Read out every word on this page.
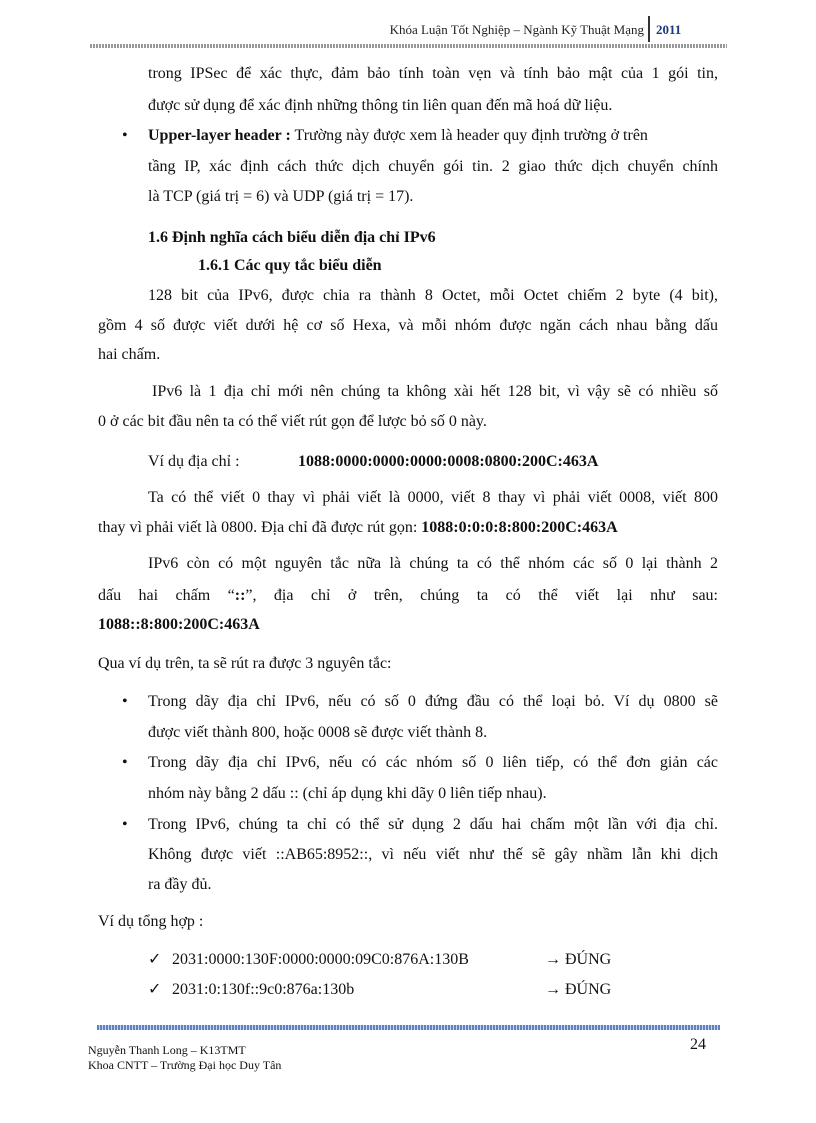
Khóa Luận Tốt Nghiệp – Ngành Kỹ Thuật Mạng 2011
trong IPSec để xác thực, đảm bảo tính toàn vẹn và tính bảo mật của 1 gói tin,
được sử dụng để xác định những thông tin liên quan đến mã hoá dữ liệu.
• Upper-layer header : Trường này được xem là header quy định trường ở trên
tầng IP, xác định cách thức dịch chuyển gói tin. 2 giao thức dịch chuyển chính
là TCP (giá trị = 6) và UDP (giá trị = 17).
1.6 Định nghĩa cách biểu diễn địa chỉ IPv6
1.6.1 Các quy tắc biểu diễn
128 bit của IPv6, được chia ra thành 8 Octet, mỗi Octet chiếm 2 byte (4 bit),
gồm 4 số được viết dưới hệ cơ số Hexa, và mỗi nhóm được ngăn cách nhau bằng dấu
hai chấm.
IPv6 là 1 địa chỉ mới nên chúng ta không xài hết 128 bit, vì vậy sẽ có nhiều số
0 ở các bit đầu nên ta có thể viết rút gọn để lược bỏ số 0 này.
Ví dụ địa chỉ :	1088:0000:0000:0000:0008:0800:200C:463A
Ta có thể viết 0 thay vì phải viết là 0000, viết 8 thay vì phải viết 0008, viết 800
thay vì phải viết là 0800. Địa chỉ đã được rút gọn: 1088:0:0:0:8:800:200C:463A
IPv6 còn có một nguyên tắc nữa là chúng ta có thể nhóm các số 0 lại thành 2
dấu hai chấm “::”, địa chỉ ở trên, chúng ta có thể viết lại như sau:
1088::8:800:200C:463A
Qua ví dụ trên, ta sẽ rút ra được 3 nguyên tắc:
• Trong dãy địa chỉ IPv6, nếu có số 0 đứng đầu có thể loại bỏ. Ví dụ 0800 sẽ
được viết thành 800, hoặc 0008 sẽ được viết thành 8.
• Trong dãy địa chỉ IPv6, nếu có các nhóm số 0 liên tiếp, có thể đơn giản các
nhóm này bằng 2 dấu :: (chỉ áp dụng khi dãy 0 liên tiếp nhau).
• Trong IPv6, chúng ta chỉ có thể sử dụng 2 dấu hai chấm một lần với địa chỉ.
Không được viết ::AB65:8952::, vì nếu viết như thế sẽ gây nhầm lẫn khi dịch
ra đầy đủ.
Ví dụ tổng hợp :
✓ 2031:0000:130F:0000:0000:09C0:876A:130B	→ ĐÚNG
✓ 2031:0:130f::9c0:876a:130b	→ ĐÚNG
24
Nguyễn Thanh Long – K13TMT
Khoa CNTT – Trường Đại học Duy Tân
